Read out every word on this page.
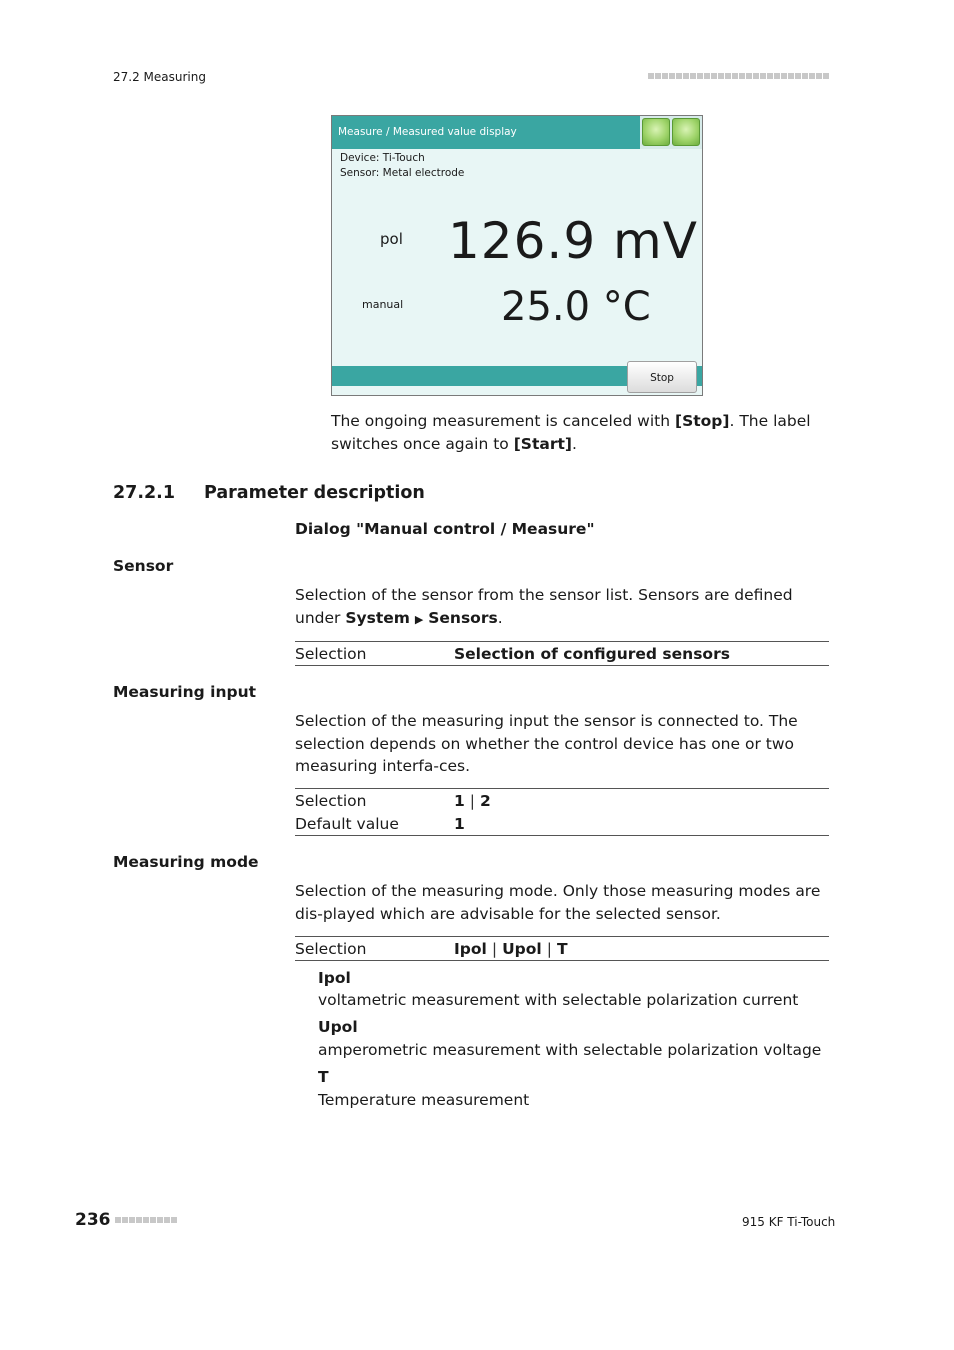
27.2 Measuring
Measure / Measured value display
Device: Ti-Touch
Sensor: Metal electrode
pol 126.9 mV
manual 25.0 °C
Stop
The ongoing measurement is canceled with [Stop]. The label switches once again to [Start].
27.2.1 Parameter description
Dialog "Manual control / Measure"
Sensor
Selection of the sensor from the sensor list. Sensors are defined under System ▶ Sensors.
Selection	Selection of configured sensors
Measuring input
Selection of the measuring input the sensor is connected to. The selection depends on whether the control device has one or two measuring interfa-ces.
Selection	1 | 2
Default value	1
Measuring mode
Selection of the measuring mode. Only those measuring modes are dis-played which are advisable for the selected sensor.
Selection	Ipol | Upol | T
Ipol
voltametric measurement with selectable polarization current
Upol
amperometric measurement with selectable polarization voltage
T
Temperature measurement
236	915 KF Ti-Touch
